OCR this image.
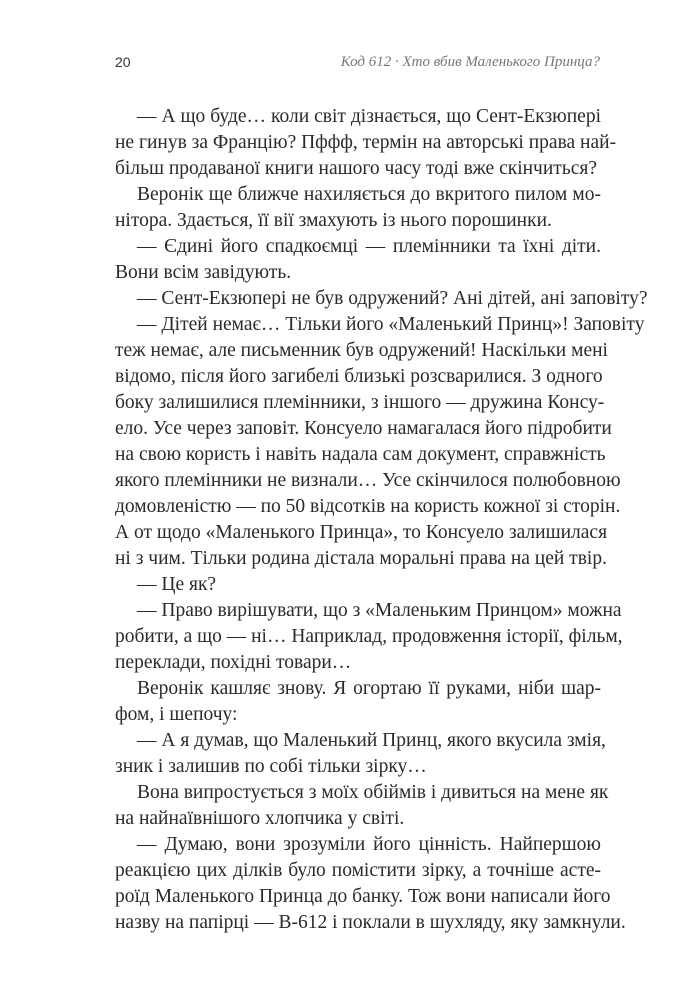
20	Код 612 · Хто вбив Маленького Принца?
— А що буде… коли світ дізнається, що Сент-Екзюпері
не гинув за Францію? Пффф, термін на авторські права най-
більш продаваної книги нашого часу тоді вже скінчиться?
Веронік ще ближче нахиляється до вкритого пилом мо-
нітора. Здається, її вії змахують із нього порошинки.
— Єдині його спадкоємці — племінники та їхні діти.
Вони всім завідують.
— Сент-Екзюпері не був одружений? Ані дітей, ані заповіту?
— Дітей немає… Тільки його «Маленький Принц»! Заповіту
теж немає, але письменник був одружений! Наскільки мені
відомо, після його загибелі близькі розсварилися. З одного
боку залишилися племінники, з іншого — дружина Консу-
ело. Усе через заповіт. Консуело намагалася його підробити
на свою користь і навіть надала сам документ, справжність
якого племінники не визнали… Усе скінчилося полюбовною
домовленістю — по 50 відсотків на користь кожної зі сторін.
А от щодо «Маленького Принца», то Консуело залишилася
ні з чим. Тільки родина дістала моральні права на цей твір.
— Це як?
— Право вирішувати, що з «Маленьким Принцом» можна
робити, а що — ні… Наприклад, продовження історії, фільм,
переклади, похідні товари…
Веронік кашляє знову. Я огортаю її руками, ніби шар-
фом, і шепочу:
— А я думав, що Маленький Принц, якого вкусила змія,
зник і залишив по собі тільки зірку…
Вона випростується з моїх обіймів і дивиться на мене як
на найнаївнішого хлопчика у світі.
— Думаю, вони зрозуміли його цінність. Найпершою
реакцією цих ділків було помістити зірку, а точніше асте-
роїд Маленького Принца до банку. Тож вони написали його
назву на папірці — В-612 і поклали в шухляду, яку замкнули.
